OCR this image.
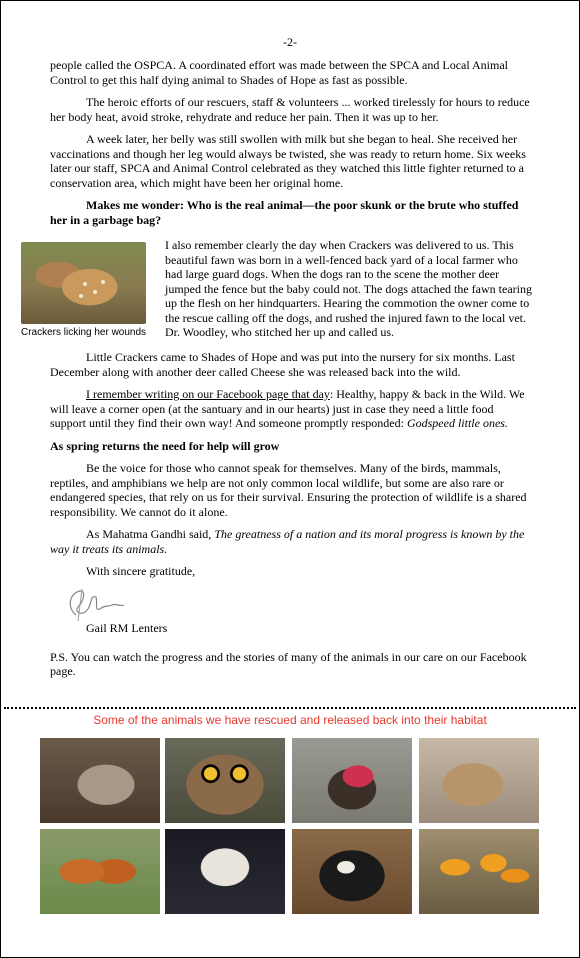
-2-

people called the OSPCA. A coordinated effort was made between the SPCA and Local Animal Control to get this half dying animal to Shades of Hope as fast as possible.

The heroic efforts of our rescuers, staff & volunteers ... worked tirelessly for hours to reduce her body heat, avoid stroke, rehydrate and reduce her pain. Then it was up to her.

A week later, her belly was still swollen with milk but she began to heal. She received her vaccinations and though her leg would always be twisted, she was ready to return home. Six weeks later our staff, SPCA and Animal Control celebrated as they watched this little fighter returned to a conservation area, which might have been her original home.

Makes me wonder: Who is the real animal—the poor skunk or the brute who stuffed her in a garbage bag?

Crackers licking her wounds
I also remember clearly the day when Crackers was delivered to us. This beautiful fawn was born in a well-fenced back yard of a local farmer who had large guard dogs. When the dogs ran to the scene the mother deer jumped the fence but the baby could not. The dogs attached the fawn tearing up the flesh on her hindquarters. Hearing the commotion the owner come to the rescue calling off the dogs, and rushed the injured fawn to the local vet. Dr. Woodley, who stitched her up and called us.

Little Crackers came to Shades of Hope and was put into the nursery for six months. Last December along with another deer called Cheese she was released back into the wild.

I remember writing on our Facebook page that day: Healthy, happy & back in the Wild. We will leave a corner open (at the santuary and in our hearts) just in case they need a little food support until they find their own way! And someone promptly responded: Godspeed little ones.

As spring returns the need for help will grow

Be the voice for those who cannot speak for themselves. Many of the birds, mammals, reptiles, and amphibians we help are not only common local wildlife, but some are also rare or endangered species, that rely on us for their survival. Ensuring the protection of wildlife is a shared responsibility. We cannot do it alone.

As Mahatma Gandhi said, The greatness of a nation and its moral progress is known by the way it treats its animals.

With sincere gratitude,

Gail RM Lenters

P.S. You can watch the progress and the stories of many of the animals in our care on our Facebook page.

Some of the animals we have rescued and released back into their habitat
